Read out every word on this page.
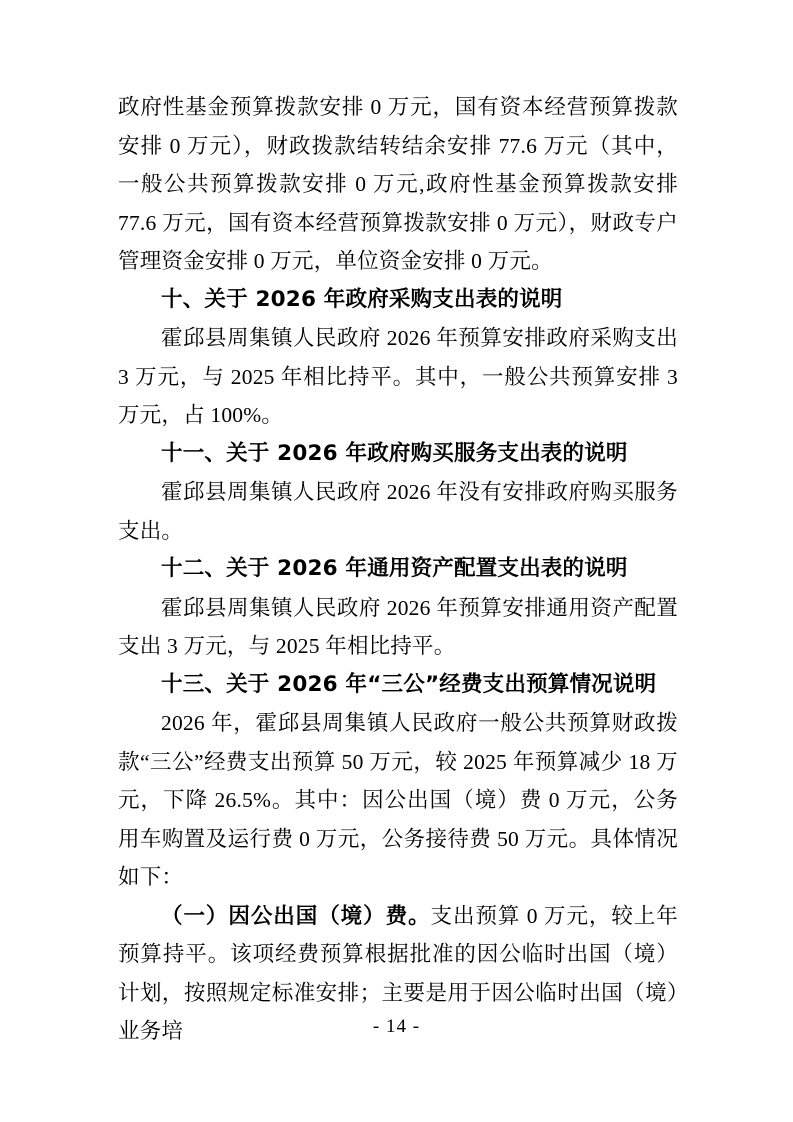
政府性基金预算拨款安排 0 万元，国有资本经营预算拨款安排 0 万元），财政拨款结转结余安排 77.6 万元（其中，一般公共预算拨款安排 0 万元,政府性基金预算拨款安排 77.6 万元，国有资本经营预算拨款安排 0 万元），财政专户管理资金安排 0 万元，单位资金安排 0 万元。

十、关于 2026 年政府采购支出表的说明

霍邱县周集镇人民政府 2026 年预算安排政府采购支出 3 万元，与 2025 年相比持平。其中，一般公共预算安排 3 万元，占 100%。

十一、关于 2026 年政府购买服务支出表的说明

霍邱县周集镇人民政府 2026 年没有安排政府购买服务支出。

十二、关于 2026 年通用资产配置支出表的说明

霍邱县周集镇人民政府 2026 年预算安排通用资产配置支出 3 万元，与 2025 年相比持平。

十三、关于 2026 年“三公”经费支出预算情况说明

2026 年，霍邱县周集镇人民政府一般公共预算财政拨款“三公”经费支出预算 50 万元，较 2025 年预算减少 18 万元，下降 26.5%。其中：因公出国（境）费 0 万元，公务用车购置及运行费 0 万元，公务接待费 50 万元。具体情况如下：

（一）因公出国（境）费。支出预算 0 万元，较上年预算持平。该项经费预算根据批准的因公临时出国（境）计划，按照规定标准安排；主要是用于因公临时出国（境）业务培	- 14 -
